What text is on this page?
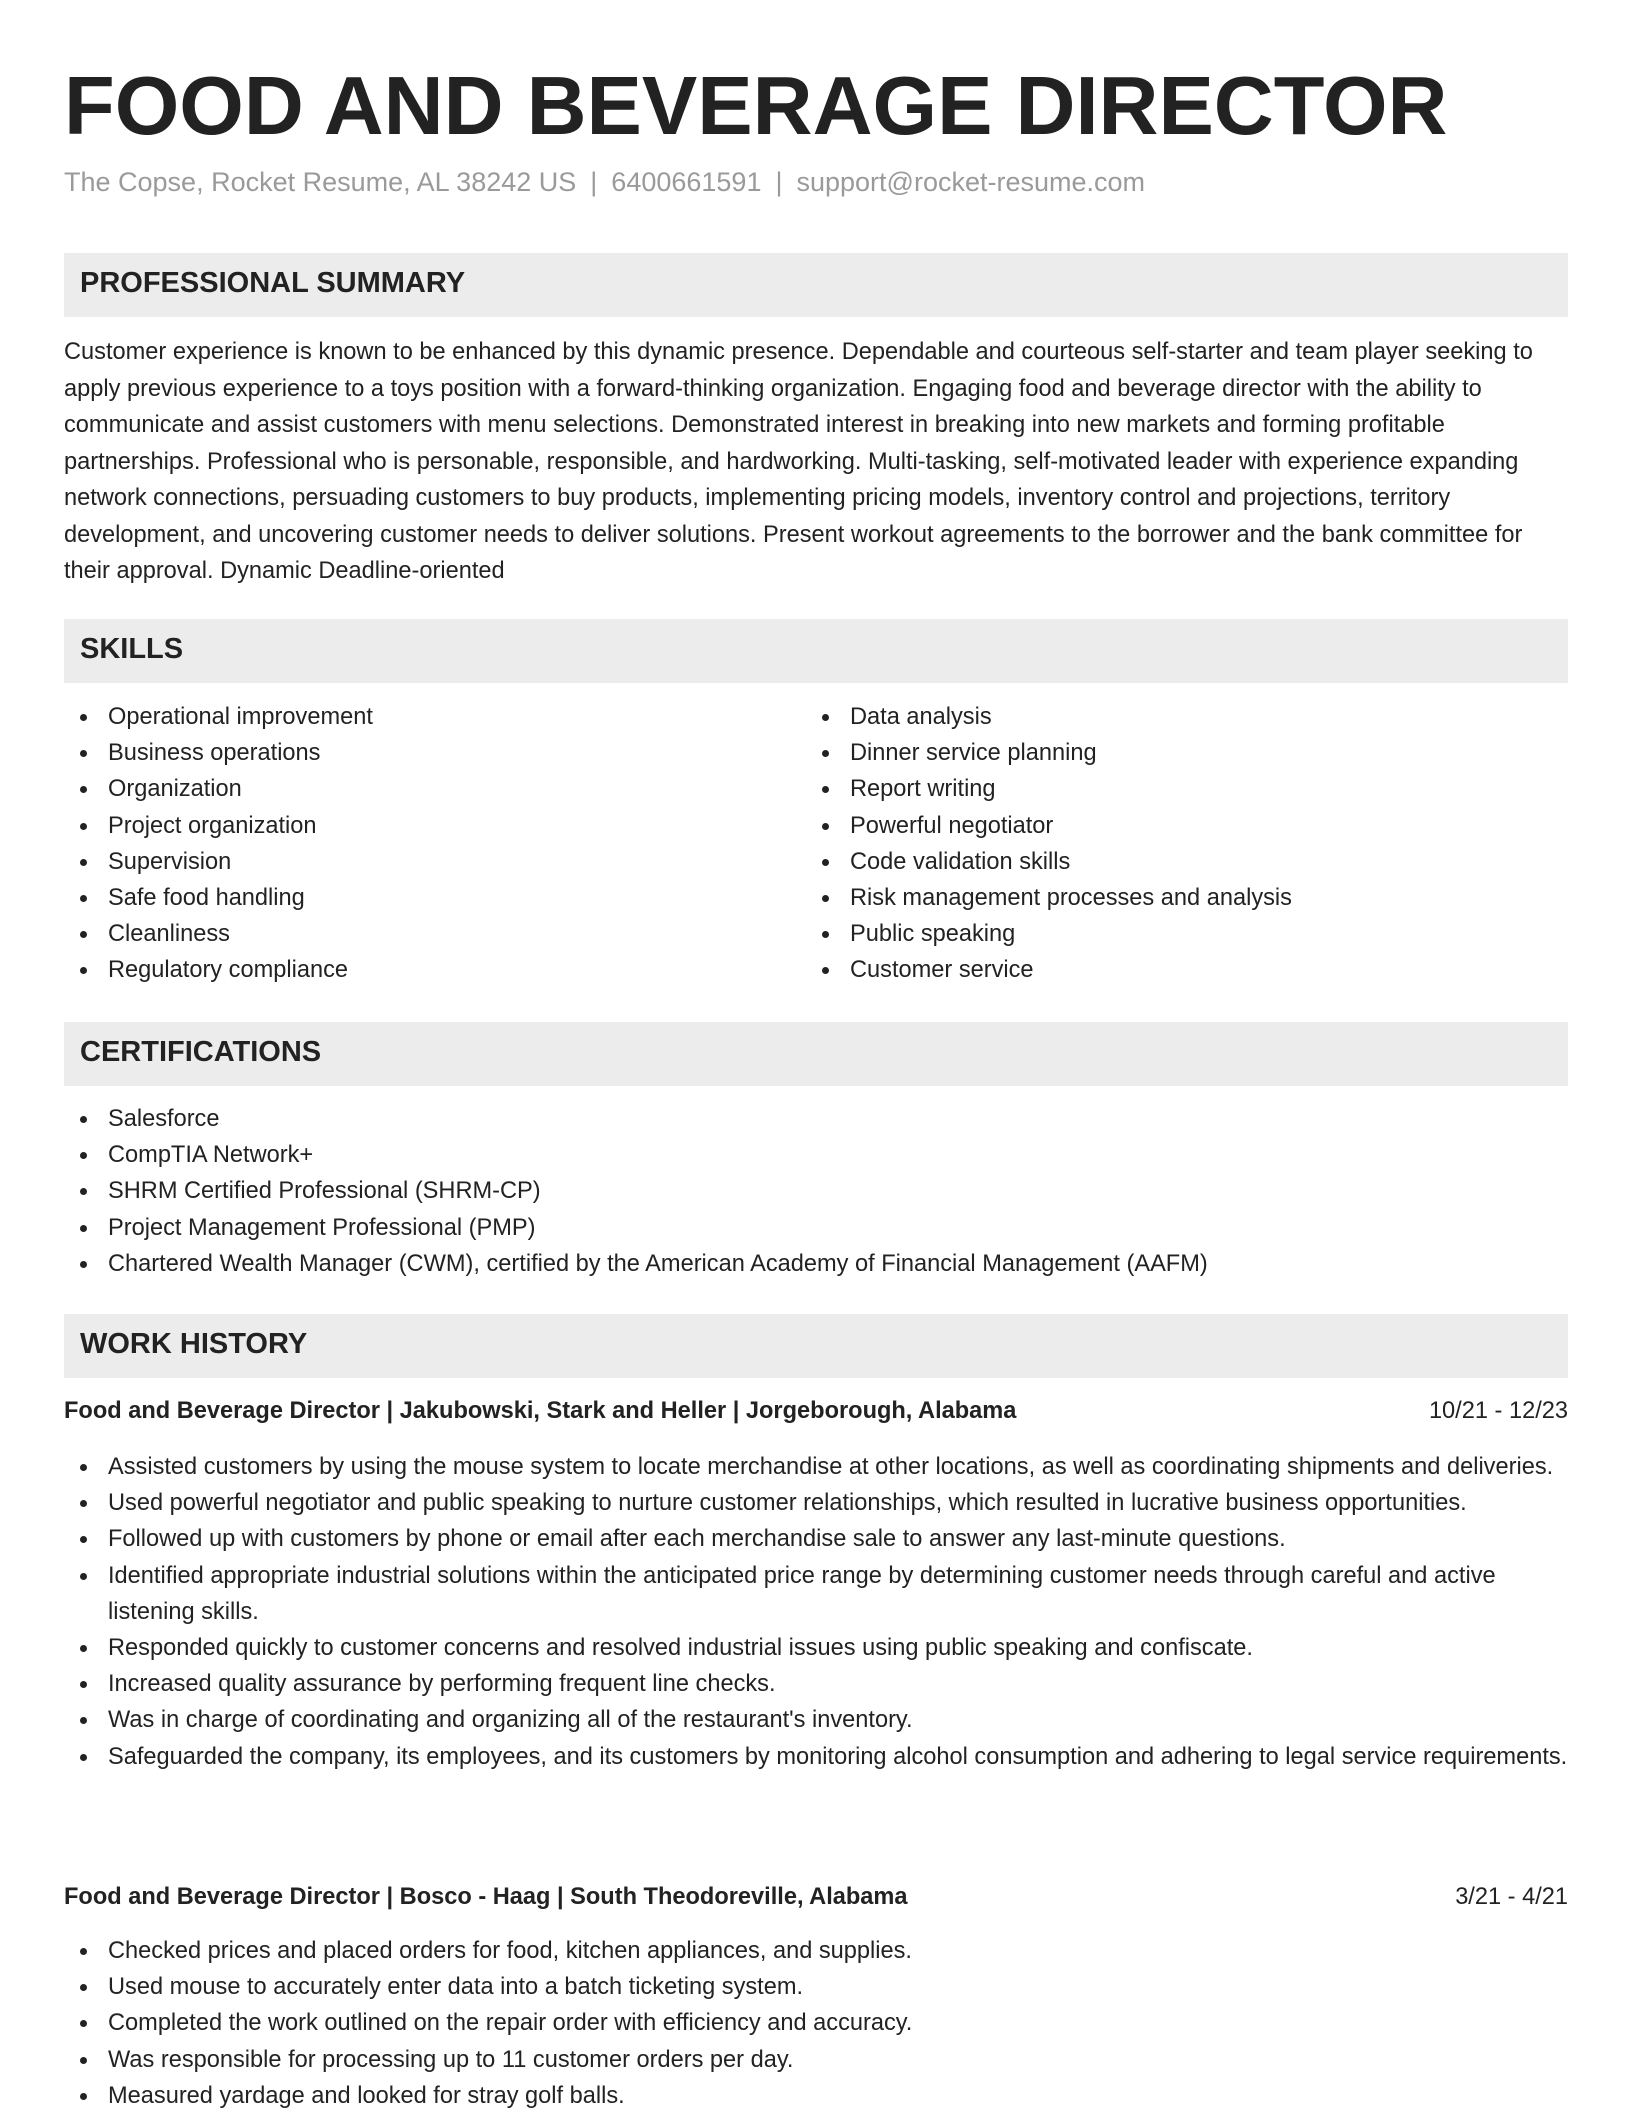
FOOD AND BEVERAGE DIRECTOR
The Copse, Rocket Resume, AL 38242 US | 6400661591 | support@rocket-resume.com
PROFESSIONAL SUMMARY
Customer experience is known to be enhanced by this dynamic presence. Dependable and courteous self-starter and team player seeking to apply previous experience to a toys position with a forward-thinking organization. Engaging food and beverage director with the ability to communicate and assist customers with menu selections. Demonstrated interest in breaking into new markets and forming profitable partnerships. Professional who is personable, responsible, and hardworking. Multi-tasking, self-motivated leader with experience expanding network connections, persuading customers to buy products, implementing pricing models, inventory control and projections, territory development, and uncovering customer needs to deliver solutions. Present workout agreements to the borrower and the bank committee for their approval. Dynamic Deadline-oriented
SKILLS
Operational improvement
Business operations
Organization
Project organization
Supervision
Safe food handling
Cleanliness
Regulatory compliance
Data analysis
Dinner service planning
Report writing
Powerful negotiator
Code validation skills
Risk management processes and analysis
Public speaking
Customer service
CERTIFICATIONS
Salesforce
CompTIA Network+
SHRM Certified Professional (SHRM-CP)
Project Management Professional (PMP)
Chartered Wealth Manager (CWM), certified by the American Academy of Financial Management (AAFM)
WORK HISTORY
Food and Beverage Director | Jakubowski, Stark and Heller | Jorgeborough, Alabama	10/21 - 12/23
Assisted customers by using the mouse system to locate merchandise at other locations, as well as coordinating shipments and deliveries.
Used powerful negotiator and public speaking to nurture customer relationships, which resulted in lucrative business opportunities.
Followed up with customers by phone or email after each merchandise sale to answer any last-minute questions.
Identified appropriate industrial solutions within the anticipated price range by determining customer needs through careful and active listening skills.
Responded quickly to customer concerns and resolved industrial issues using public speaking and confiscate.
Increased quality assurance by performing frequent line checks.
Was in charge of coordinating and organizing all of the restaurant's inventory.
Safeguarded the company, its employees, and its customers by monitoring alcohol consumption and adhering to legal service requirements.
Food and Beverage Director | Bosco - Haag | South Theodoreville, Alabama	3/21 - 4/21
Checked prices and placed orders for food, kitchen appliances, and supplies.
Used mouse to accurately enter data into a batch ticketing system.
Completed the work outlined on the repair order with efficiency and accuracy.
Was responsible for processing up to 11 customer orders per day.
Measured yardage and looked for stray golf balls.
